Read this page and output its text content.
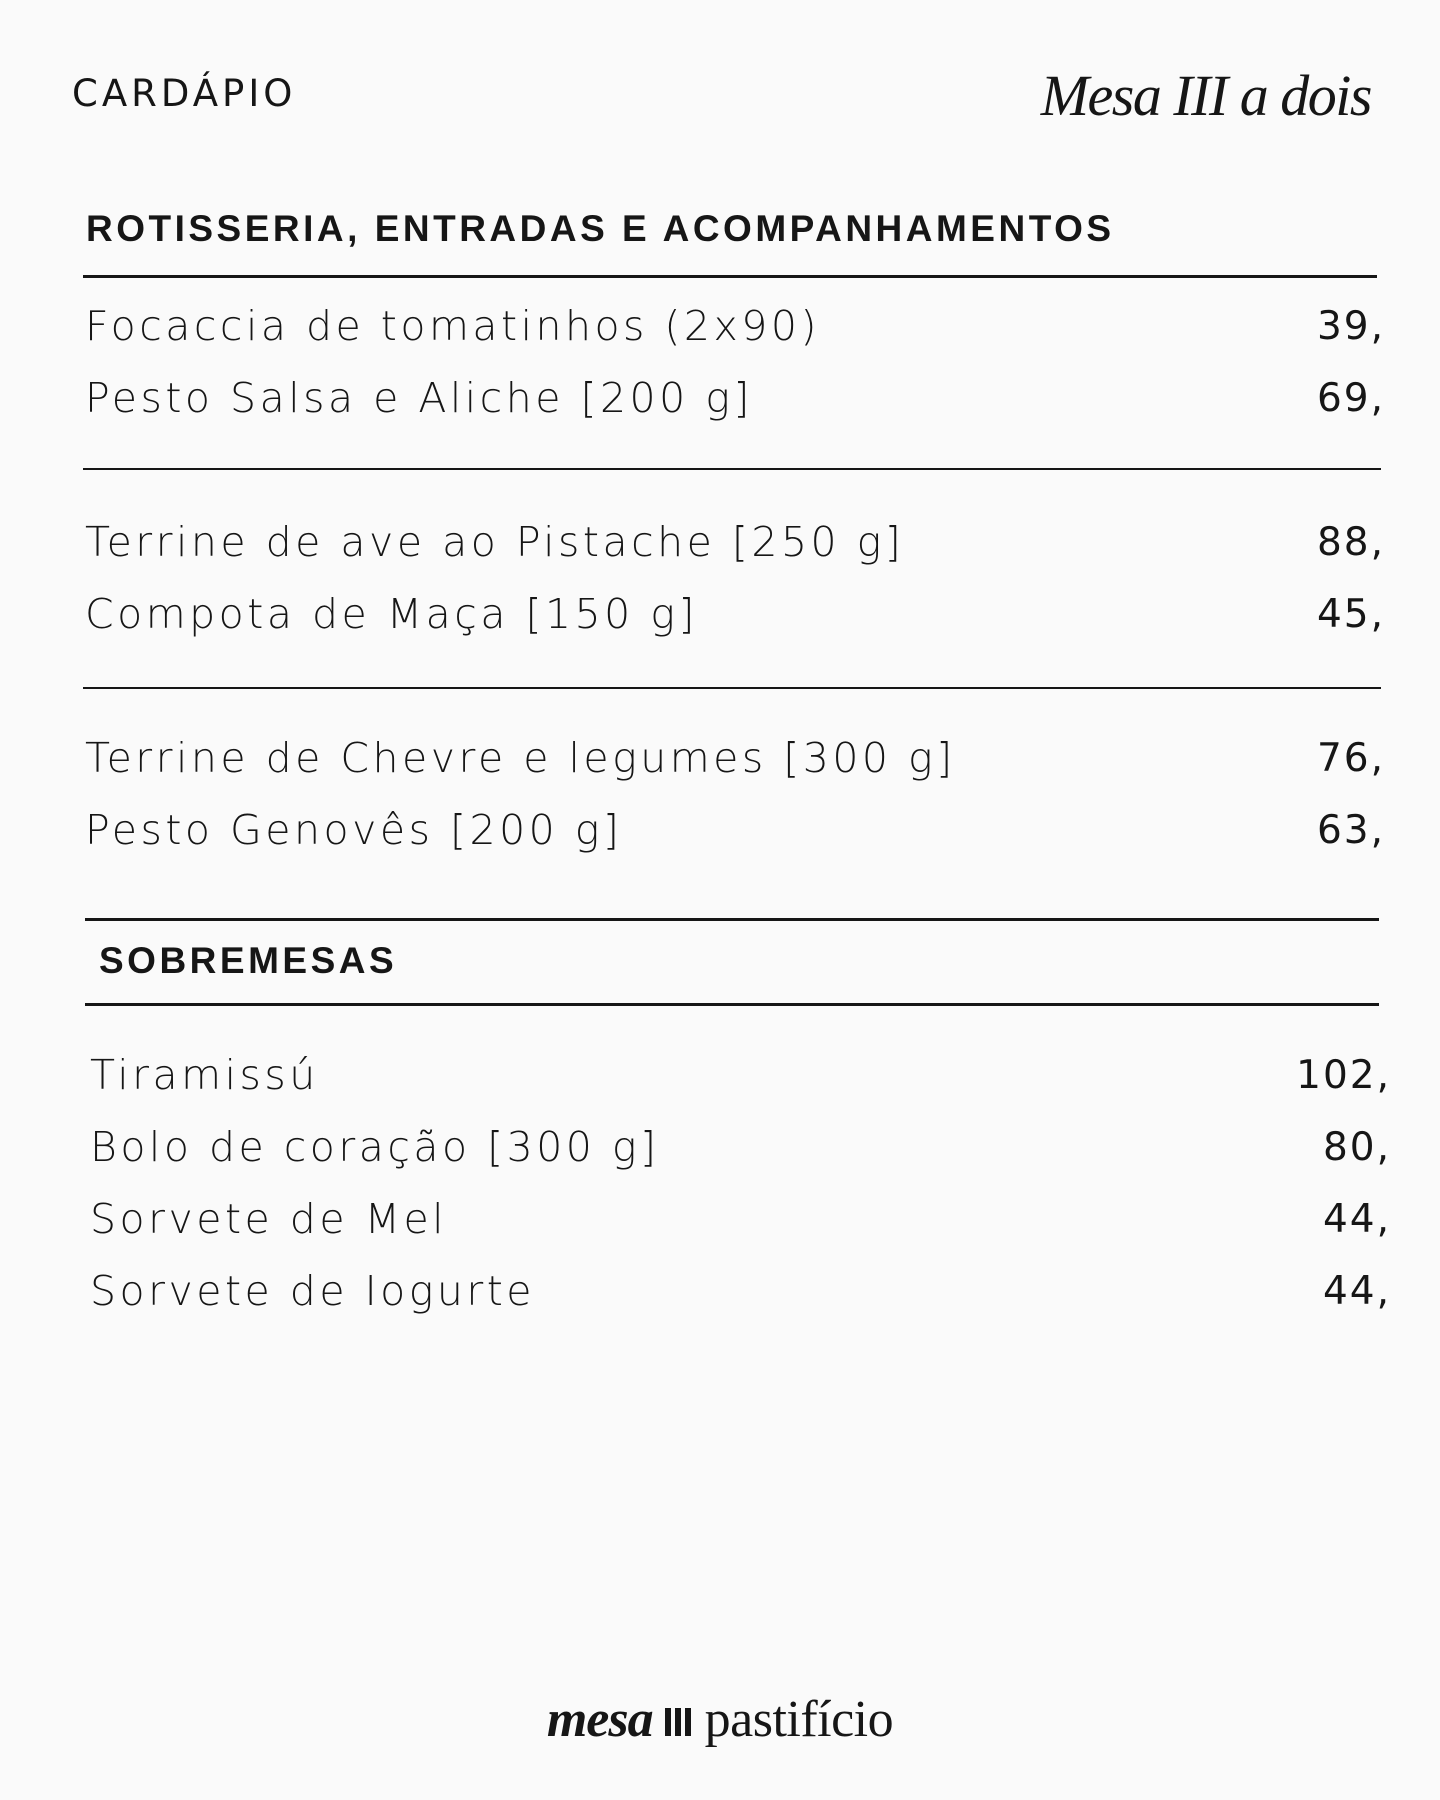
CARDÁPIO	Mesa III a dois
ROTISSERIA, ENTRADAS E ACOMPANHAMENTOS
Focaccia de tomatinhos (2x90)	39,
Pesto Salsa e Aliche [200 g]	69,
Terrine de ave ao Pistache [250 g]	88,
Compota de Maça [150 g]	45,
Terrine de Chevre e legumes [300 g]	76,
Pesto Genovês [200 g]	63,
SOBREMESAS
Tiramissú	102,
Bolo de coração [300 g]	80,
Sorvete de Mel	44,
Sorvete de Iogurte	44,
mesa pastifício
